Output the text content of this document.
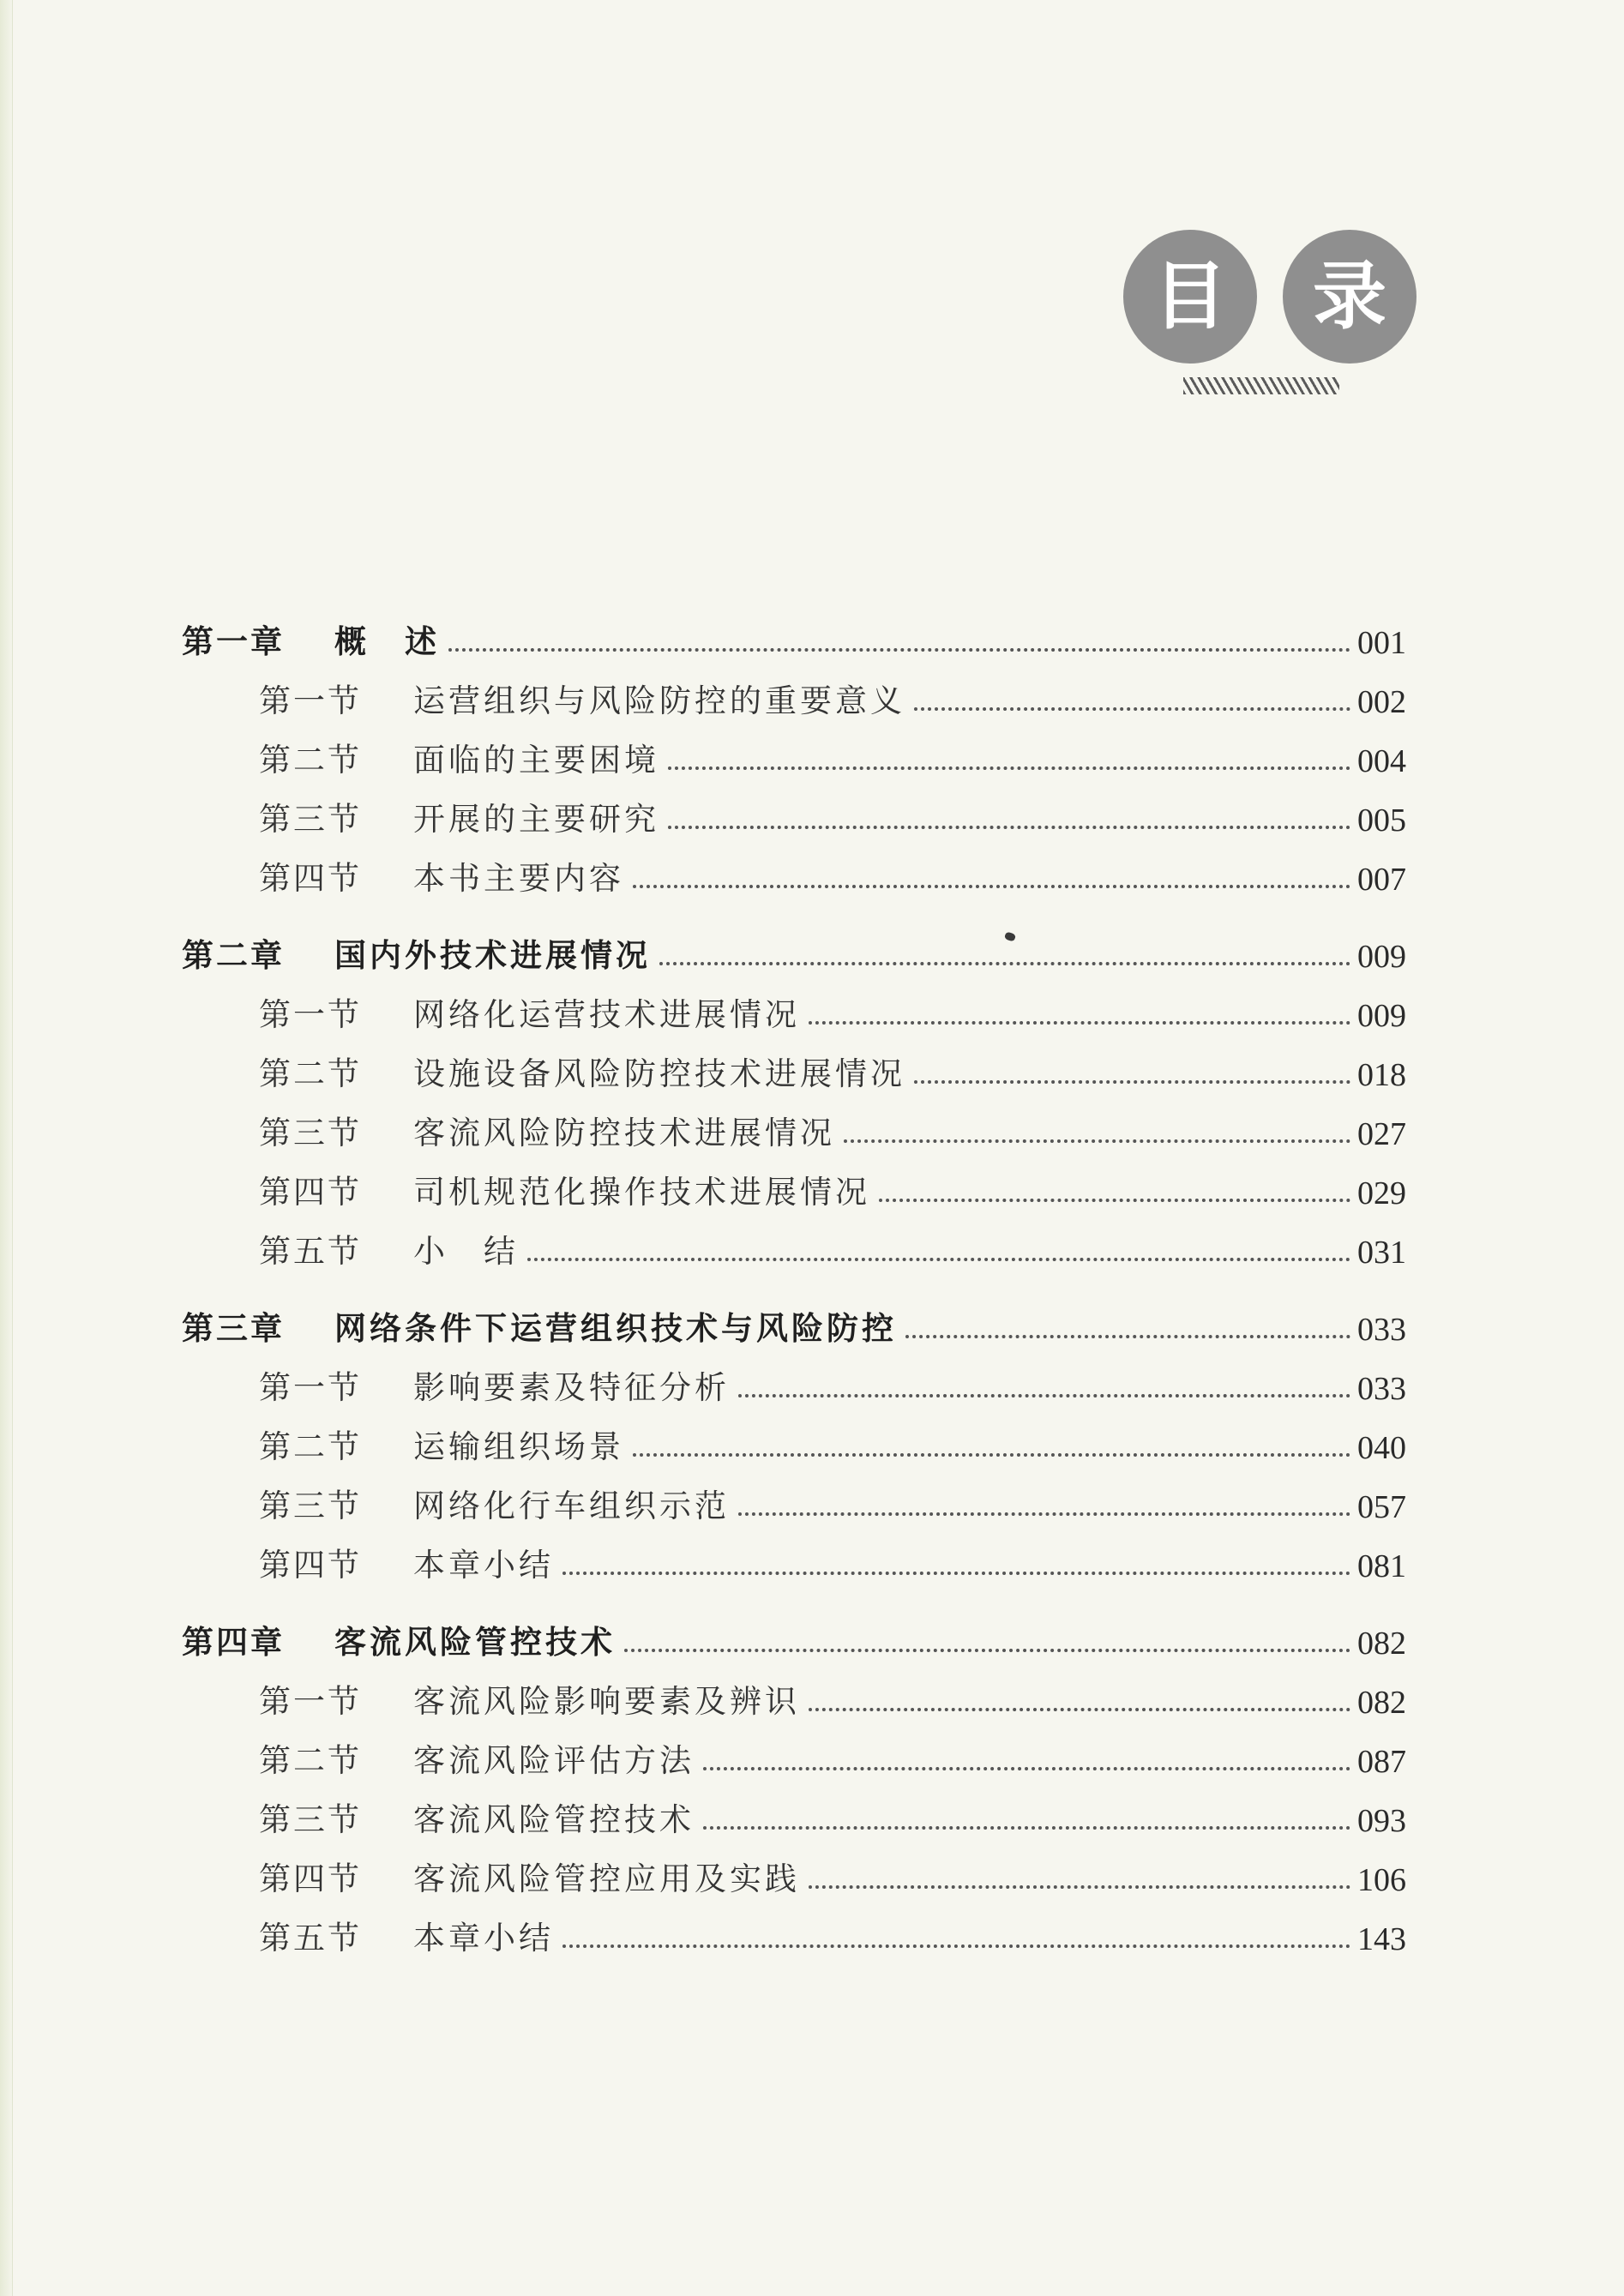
目	录
第一章	概　述	001
第一节	运营组织与风险防控的重要意义	002
第二节	面临的主要困境	004
第三节	开展的主要研究	005
第四节	本书主要内容	007
第二章	国内外技术进展情况	009
第一节	网络化运营技术进展情况	009
第二节	设施设备风险防控技术进展情况	018
第三节	客流风险防控技术进展情况	027
第四节	司机规范化操作技术进展情况	029
第五节	小　结	031
第三章	网络条件下运营组织技术与风险防控	033
第一节	影响要素及特征分析	033
第二节	运输组织场景	040
第三节	网络化行车组织示范	057
第四节	本章小结	081
第四章	客流风险管控技术	082
第一节	客流风险影响要素及辨识	082
第二节	客流风险评估方法	087
第三节	客流风险管控技术	093
第四节	客流风险管控应用及实践	106
第五节	本章小结	143
